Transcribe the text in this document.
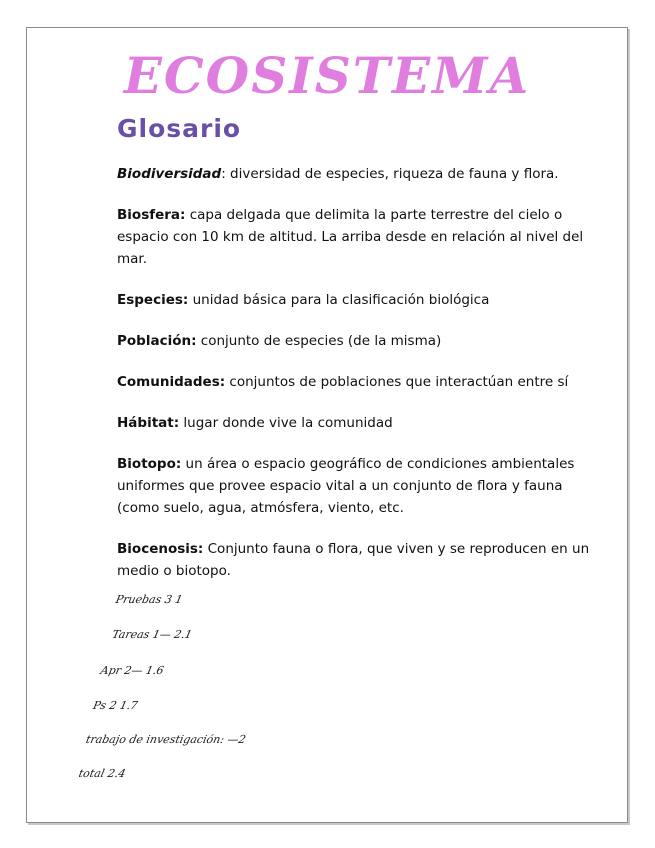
ECOSISTEMA
Glosario

Biodiversidad: diversidad de especies, riqueza de fauna y flora.

Biosfera: capa delgada que delimita la parte terrestre del cielo o espacio con 10 km de altitud. La arriba desde en relación al nivel del mar.

Especies: unidad básica para la clasificación biológica

Población: conjunto de especies (de la misma)

Comunidades: conjuntos de poblaciones que interactúan entre sí

Hábitat: lugar donde vive la comunidad

Biotopo: un área o espacio geográfico de condiciones ambientales uniformes que provee espacio vital a un conjunto de flora y fauna (como suelo, agua, atmósfera, viento, etc.

Biocenosis: Conjunto fauna o flora, que viven y se reproducen en un medio o biotopo.

Pruebas 3 1

Tareas 1— 2.1

Apr 2— 1.6

Ps 2 1.7

trabajo de investigación: —2

total 2.4
